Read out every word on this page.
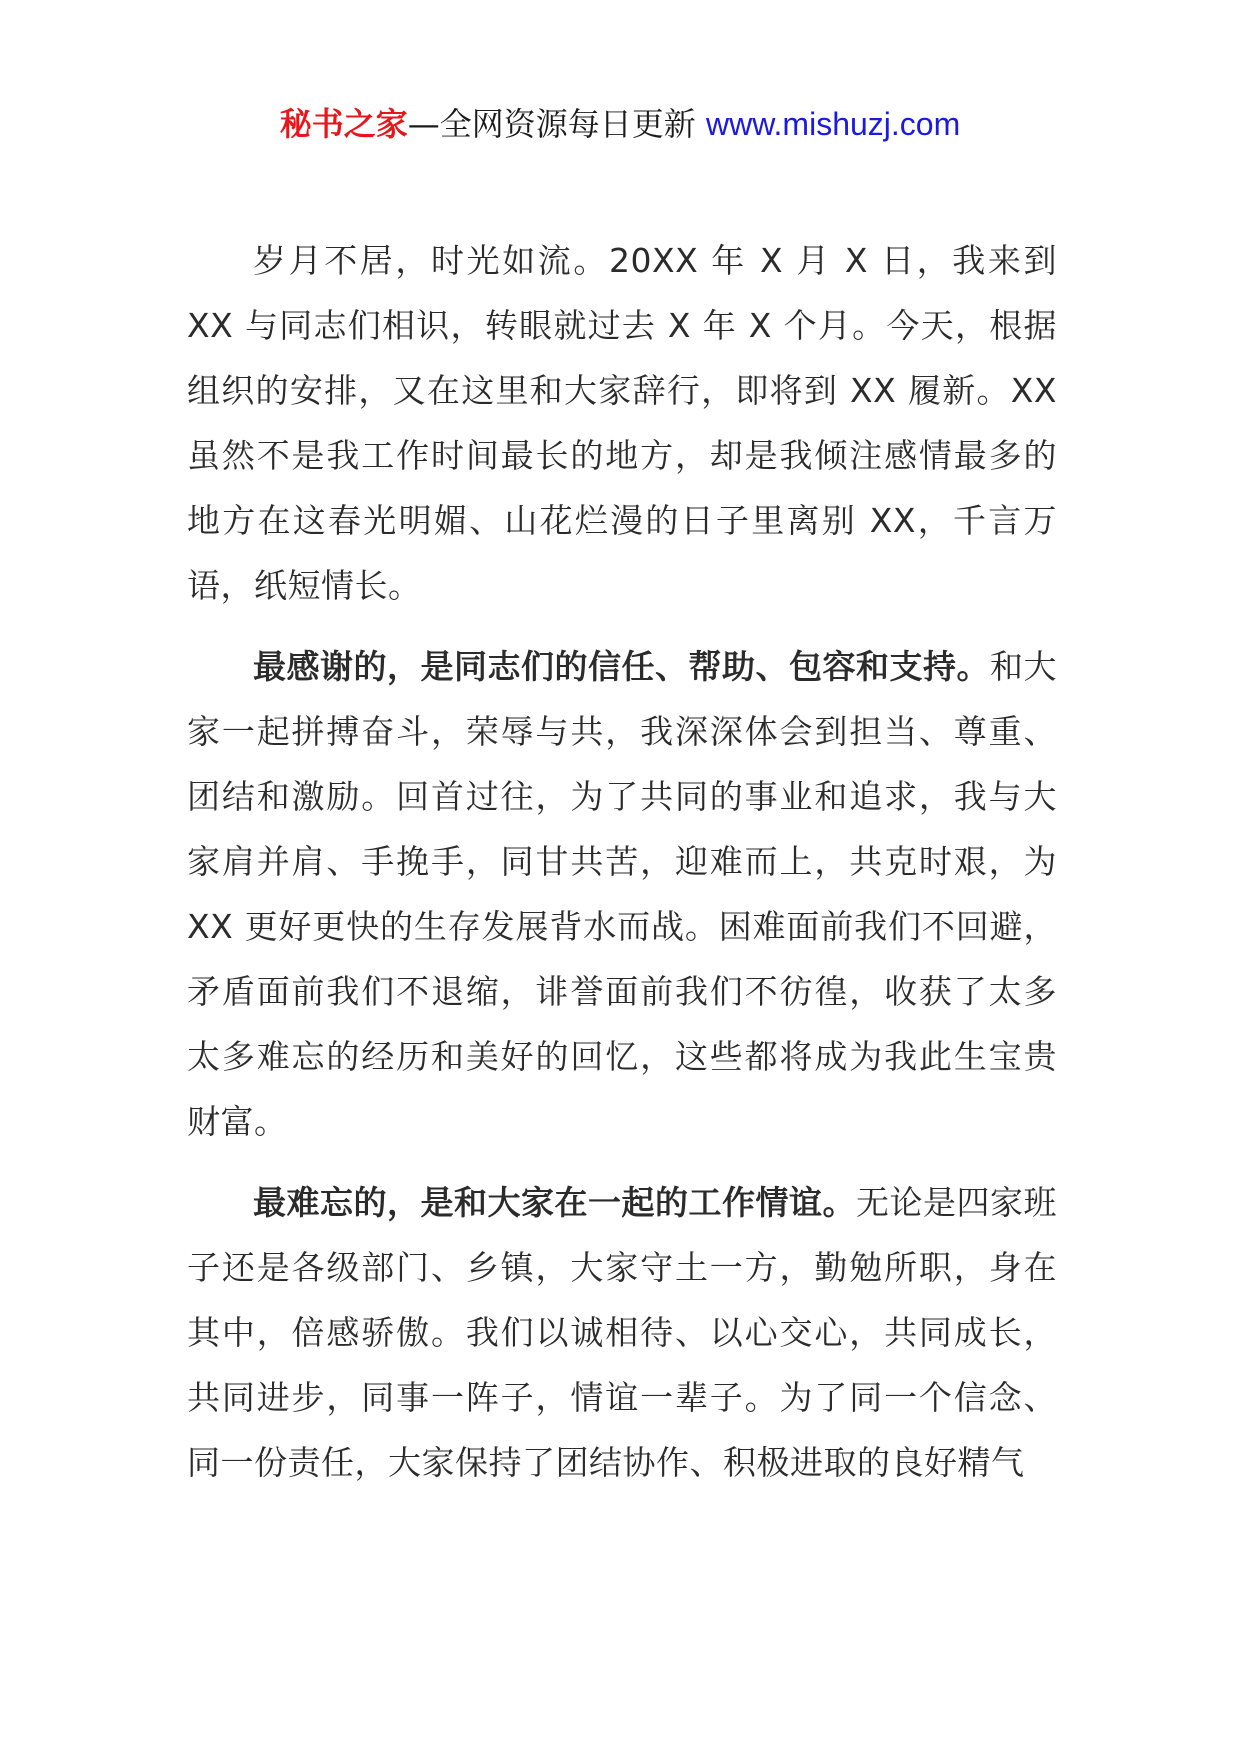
秘书之家—全网资源每日更新 www.mishuzj.com

岁月不居，时光如流。20XX 年 X 月 X 日，我来到 XX 与同志们相识，转眼就过去 X 年 X 个月。今天，根据组织的安排，又在这里和大家辞行，即将到 XX 履新。XX 虽然不是我工作时间最长的地方，却是我倾注感情最多的地方在这春光明媚、山花烂漫的日子里离别 XX，千言万语，纸短情长。

最感谢的，是同志们的信任、帮助、包容和支持。和大家一起拼搏奋斗，荣辱与共，我深深体会到担当、尊重、团结和激励。回首过往，为了共同的事业和追求，我与大家肩并肩、手挽手，同甘共苦，迎难而上，共克时艰，为 XX 更好更快的生存发展背水而战。困难面前我们不回避，矛盾面前我们不退缩，诽誉面前我们不彷徨，收获了太多太多难忘的经历和美好的回忆，这些都将成为我此生宝贵财富。

最难忘的，是和大家在一起的工作情谊。无论是四家班子还是各级部门、乡镇，大家守土一方，勤勉所职，身在其中，倍感骄傲。我们以诚相待、以心交心，共同成长，共同进步，同事一阵子，情谊一辈子。为了同一个信念、同一份责任，大家保持了团结协作、积极进取的良好精气
